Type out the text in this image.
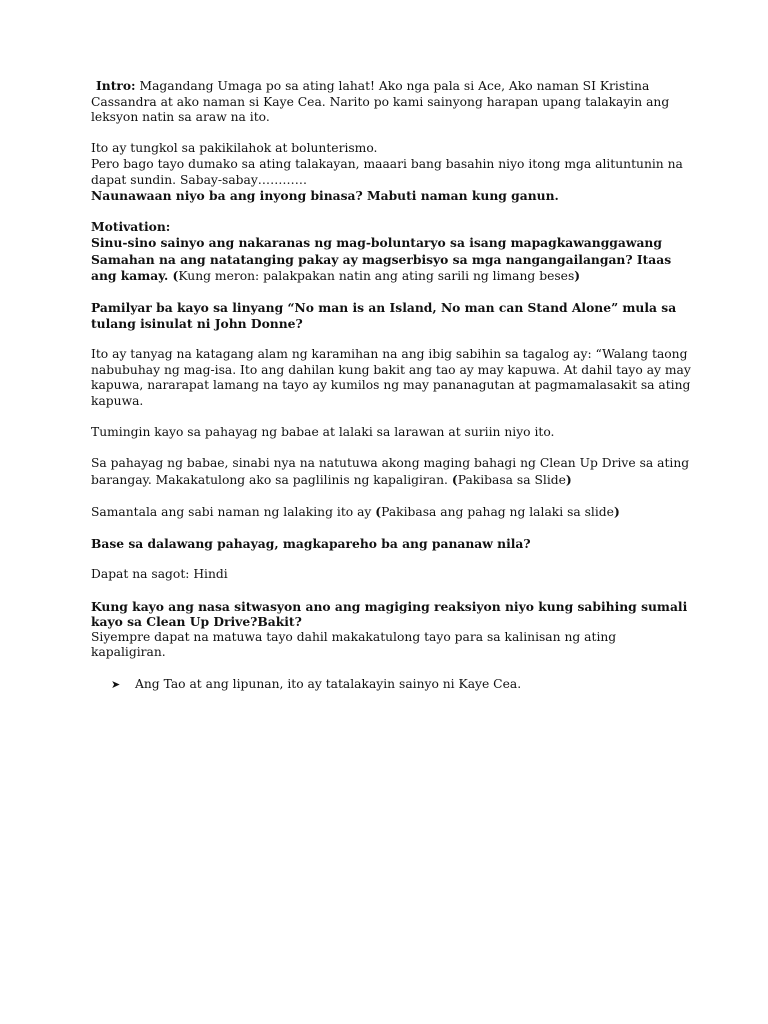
Intro: Magandang Umaga po sa ating lahat! Ako nga pala si Ace, Ako naman SI Kristina Cassandra at ako naman si Kaye Cea. Narito po kami sainyong harapan upang talakayin ang leksyon natin sa araw na ito.

Ito ay tungkol sa pakikilahok at bolunterismo.

Pero bago tayo dumako sa ating talakayan, maaari bang basahin niyo itong mga alituntunin na dapat sundin. Sabay-sabay…………

Naunawaan niyo ba ang inyong binasa? Mabuti naman kung ganun.

Motivation:

Sinu-sino sainyo ang nakaranas ng mag-boluntaryo sa isang mapagkawanggawang Samahan na ang natatanging pakay ay magserbisyo sa mga nangangailangan? Itaas ang kamay. (Kung meron: palakpakan natin ang ating sarili ng limang beses)

Pamilyar ba kayo sa linyang “No man is an Island, No man can Stand Alone” mula sa tulang isinulat ni John Donne?

Ito ay tanyag na katagang alam ng karamihan na ang ibig sabihin sa tagalog ay: “Walang taong nabubuhay ng mag-isa. Ito ang dahilan kung bakit ang tao ay may kapuwa. At dahil tayo ay may kapuwa, nararapat lamang na tayo ay kumilos ng may pananagutan at pagmamalasakit sa ating kapuwa.

Tumingin kayo sa pahayag ng babae at lalaki sa larawan at suriin niyo ito.

Sa pahayag ng babae, sinabi nya na natutuwa akong maging bahagi ng Clean Up Drive sa ating barangay. Makakatulong ako sa paglilinis ng kapaligiran. (Pakibasa sa Slide)

Samantala ang sabi naman ng lalaking ito ay (Pakibasa ang pahag ng lalaki sa slide)

Base sa dalawang pahayag, magkapareho ba ang pananaw nila?

Dapat na sagot: Hindi

Kung kayo ang nasa sitwasyon ano ang magiging reaksiyon niyo kung sabihing sumali kayo sa Clean Up Drive?Bakit?

Siyempre dapat na matuwa tayo dahil makakatulong tayo para sa kalinisan ng ating kapaligiran.

➤ Ang Tao at ang lipunan, ito ay tatalakayin sainyo ni Kaye Cea.
